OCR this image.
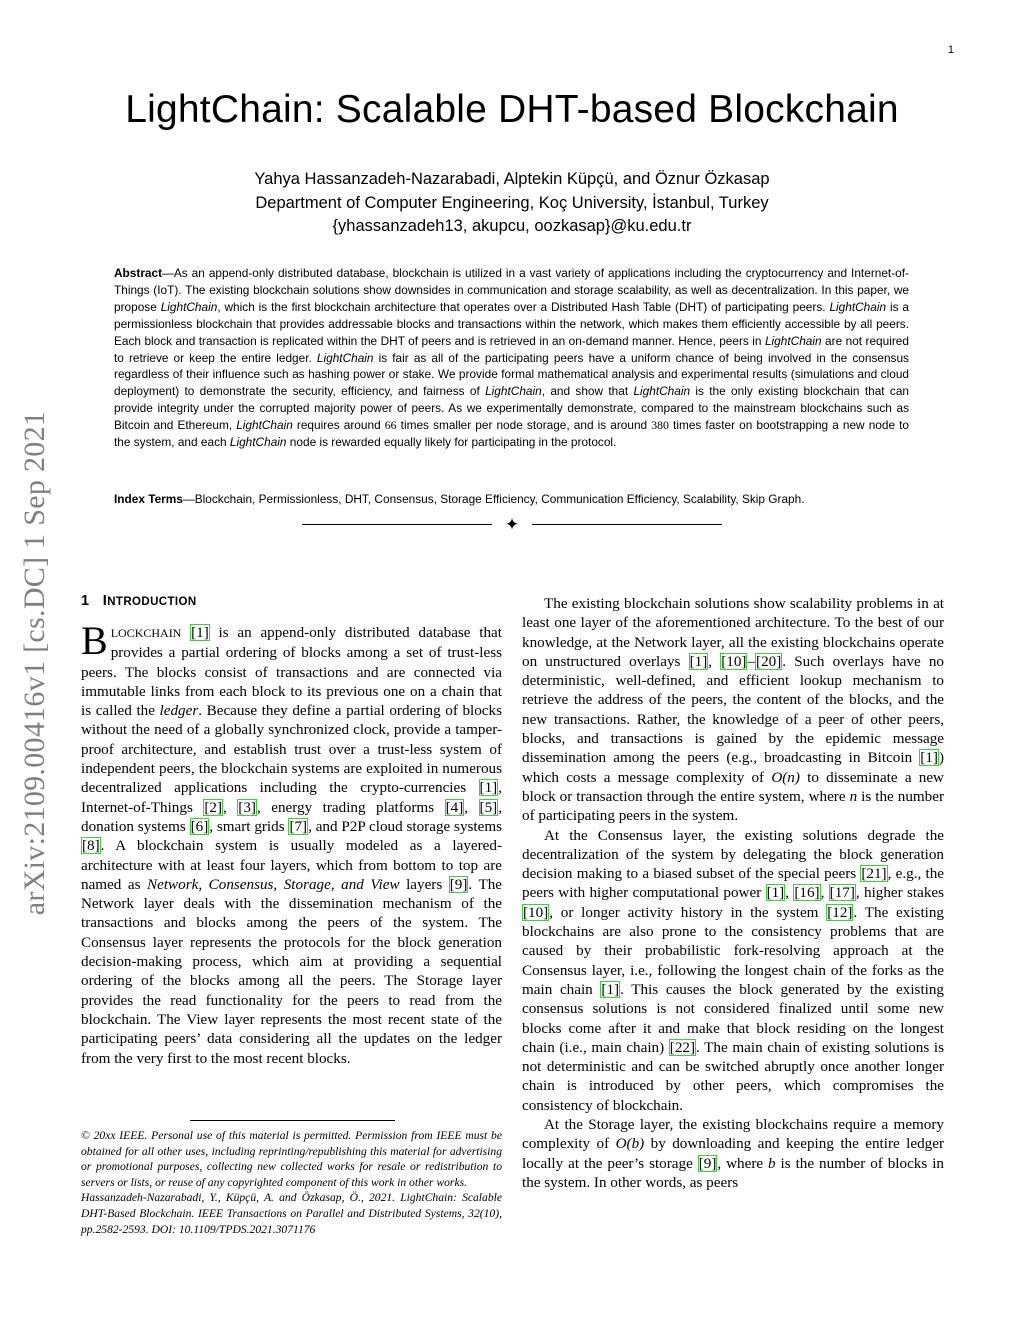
1
arXiv:2109.00416v1 [cs.DC] 1 Sep 2021
LightChain: Scalable DHT-based Blockchain
Yahya Hassanzadeh-Nazarabadi, Alptekin Küpçü, and Öznur Özkasap
Department of Computer Engineering, Koç University, İstanbul, Turkey
{yhassanzadeh13, akupcu, oozkasap}@ku.edu.tr
Abstract—As an append-only distributed database, blockchain is utilized in a vast variety of applications including the cryptocurrency and Internet-of-Things (IoT). The existing blockchain solutions show downsides in communication and storage scalability, as well as decentralization. In this paper, we propose LightChain, which is the first blockchain architecture that operates over a Distributed Hash Table (DHT) of participating peers. LightChain is a permissionless blockchain that provides addressable blocks and transactions within the network, which makes them efficiently accessible by all peers. Each block and transaction is replicated within the DHT of peers and is retrieved in an on-demand manner. Hence, peers in LightChain are not required to retrieve or keep the entire ledger. LightChain is fair as all of the participating peers have a uniform chance of being involved in the consensus regardless of their influence such as hashing power or stake. We provide formal mathematical analysis and experimental results (simulations and cloud deployment) to demonstrate the security, efficiency, and fairness of LightChain, and show that LightChain is the only existing blockchain that can provide integrity under the corrupted majority power of peers. As we experimentally demonstrate, compared to the mainstream blockchains such as Bitcoin and Ethereum, LightChain requires around 66 times smaller per node storage, and is around 380 times faster on bootstrapping a new node to the system, and each LightChain node is rewarded equally likely for participating in the protocol.
Index Terms—Blockchain, Permissionless, DHT, Consensus, Storage Efficiency, Communication Efficiency, Scalability, Skip Graph.
✦
1 INTRODUCTION

BLOCKCHAIN [1] is an append-only distributed database that provides a partial ordering of blocks among a set of trust-less peers. The blocks consist of transactions and are connected via immutable links from each block to its previous one on a chain that is called the ledger. Because they define a partial ordering of blocks without the need of a globally synchronized clock, provide a tamper-proof architecture, and establish trust over a trust-less system of independent peers, the blockchain systems are exploited in numerous decentralized applications including the crypto-currencies [1], Internet-of-Things [2], [3], energy trading platforms [4], [5], donation systems [6], smart grids [7], and P2P cloud storage systems [8]. A blockchain system is usually modeled as a layered-architecture with at least four layers, which from bottom to top are named as Network, Consensus, Storage, and View layers [9]. The Network layer deals with the dissemination mechanism of the transactions and blocks among the peers of the system. The Consensus layer represents the protocols for the block generation decision-making process, which aim at providing a sequential ordering of the blocks among all the peers. The Storage layer provides the read functionality for the peers to read from the blockchain. The View layer represents the most recent state of the participating peers’ data considering all the updates on the ledger from the very first to the most recent blocks.

© 20xx IEEE. Personal use of this material is permitted. Permission from IEEE must be obtained for all other uses, including reprinting/republishing this material for advertising or promotional purposes, collecting new collected works for resale or redistribution to servers or lists, or reuse of any copyrighted component of this work in other works.

Hassanzadeh-Nazarabadi, Y., Küpçü, A. and Özkasap, Ö., 2021. LightChain: Scalable DHT-Based Blockchain. IEEE Transactions on Parallel and Distributed Systems, 32(10), pp.2582-2593. DOI: 10.1109/TPDS.2021.3071176

The existing blockchain solutions show scalability problems in at least one layer of the aforementioned architecture. To the best of our knowledge, at the Network layer, all the existing blockchains operate on unstructured overlays [1], [10]–[20]. Such overlays have no deterministic, well-defined, and efficient lookup mechanism to retrieve the address of the peers, the content of the blocks, and the new transactions. Rather, the knowledge of a peer of other peers, blocks, and transactions is gained by the epidemic message dissemination among the peers (e.g., broadcasting in Bitcoin [1]) which costs a message complexity of O(n) to disseminate a new block or transaction through the entire system, where n is the number of participating peers in the system.

At the Consensus layer, the existing solutions degrade the decentralization of the system by delegating the block generation decision making to a biased subset of the special peers [21], e.g., the peers with higher computational power [1], [16], [17], higher stakes [10], or longer activity history in the system [12]. The existing blockchains are also prone to the consistency problems that are caused by their probabilistic fork-resolving approach at the Consensus layer, i.e., following the longest chain of the forks as the main chain [1]. This causes the block generated by the existing consensus solutions is not considered finalized until some new blocks come after it and make that block residing on the longest chain (i.e., main chain) [22]. The main chain of existing solutions is not deterministic and can be switched abruptly once another longer chain is introduced by other peers, which compromises the consistency of blockchain.

At the Storage layer, the existing blockchains require a memory complexity of O(b) by downloading and keeping the entire ledger locally at the peer’s storage [9], where b is the number of blocks in the system. In other words, as peers
